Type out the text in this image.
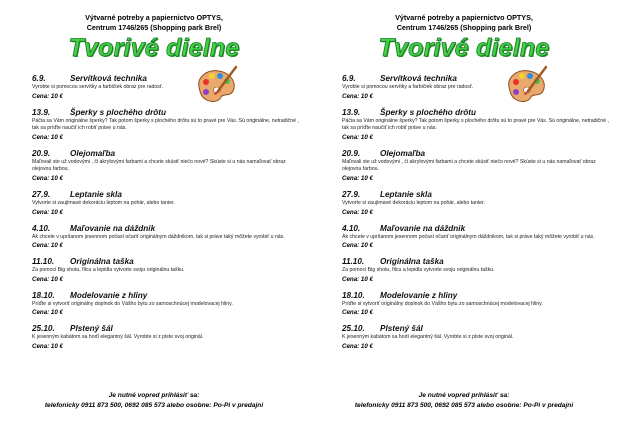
Výtvarné potreby a papiernictvo OPTYS,
Centrum 1746/265 (Shopping park Brel)
Tvorivé dielne
6.9.	Servítková technika
Vyrobte si pomocou servítky a farbičiek obraz pre radosť.
Cena: 10 €
13.9. Šperky s plochého drôtu
Páčia sa Vám originálne šperky? Tak potom šperky s plochého drôtu sú to pravé pre Vás. Sú originálne, netradičné , tak sa príďte naučiť ich robiť práve u nás.
Cena: 10 €
20.9. Olejomaľba
Maľovali ste už vodovými , či akrylovými farbami a chcete skúsiť niečo nové? Skúste si u nás namaľovať obraz olejovou farbou.
Cena: 10 €
27.9. Leptanie skla
Vytvorte si zaujímavé dekoráciu leptom na pohár, alebo tanier.
Cena: 10 €
4.10. Maľovanie na dáždnik
Ak chcete v upršanom jesennom počasí očariť originálnym dáždnikom, tak si práve taký môžete vyrobiť u nás.
Cena: 10 €
11.10. Originálna taška
Za pomoci Big shotu, filcu a lepidla vytvorte svoju originálnu tašku.
Cena: 10 €
18.10. Modelovanie z hliny
Príďte si vytvoriť originálny doplnok do Vášho bytu zo samoschnúcej modelovacej hliny.
Cena: 10 €
25.10. Plstený šál
K jesenným kabátom sa hodí elegantný šál. Vyrobte si z plste svoj originál.
Cena: 10 €
Je nutné vopred prihlásiť sa:
telefonicky 0911 873 500, 0692 085 573 alebo osobne: Po-Pi v predajni
Výtvarné potreby a papiernictvo OPTYS,
Centrum 1746/265 (Shopping park Brel)
Tvorivé dielne
6.9.	Servítková technika
Vyrobte si pomocou servítky a farbičiek obraz pre radosť.
Cena: 10 €
13.9. Šperky s plochého drôtu
Páčia sa Vám originálne šperky? Tak potom šperky s plochého drôtu sú to pravé pre Vás. Sú originálne, netradičné , tak sa príďte naučiť ich robiť práve u nás.
Cena: 10 €
20.9. Olejomaľba
Maľovali ste už vodovými , či akrylovými farbami a chcete skúsiť niečo nové? Skúste si u nás namaľovať obraz olejovou farbou.
Cena: 10 €
27.9. Leptanie skla
Vytvorte si zaujímavé dekoráciu leptom na pohár, alebo tanier.
Cena: 10 €
4.10. Maľovanie na dáždnik
Ak chcete v upršanom jesennom počasí očariť originálnym dáždnikom, tak si práve taký môžete vyrobiť u nás.
Cena: 10 €
11.10. Originálna taška
Za pomoci Big shotu, filcu a lepidla vytvorte svoju originálnu tašku.
Cena: 10 €
18.10. Modelovanie z hliny
Príďte si vytvoriť originálny doplnok do Vášho bytu zo samoschnúcej modelovacej hliny.
Cena: 10 €
25.10. Plstený šál
K jesenným kabátom sa hodí elegantný šál. Vyrobte si z plste svoj originál.
Cena: 10 €
Je nutné vopred prihlásiť sa:
telefonicky 0911 873 500, 0692 085 573 alebo osobne: Po-Pi v predajni
